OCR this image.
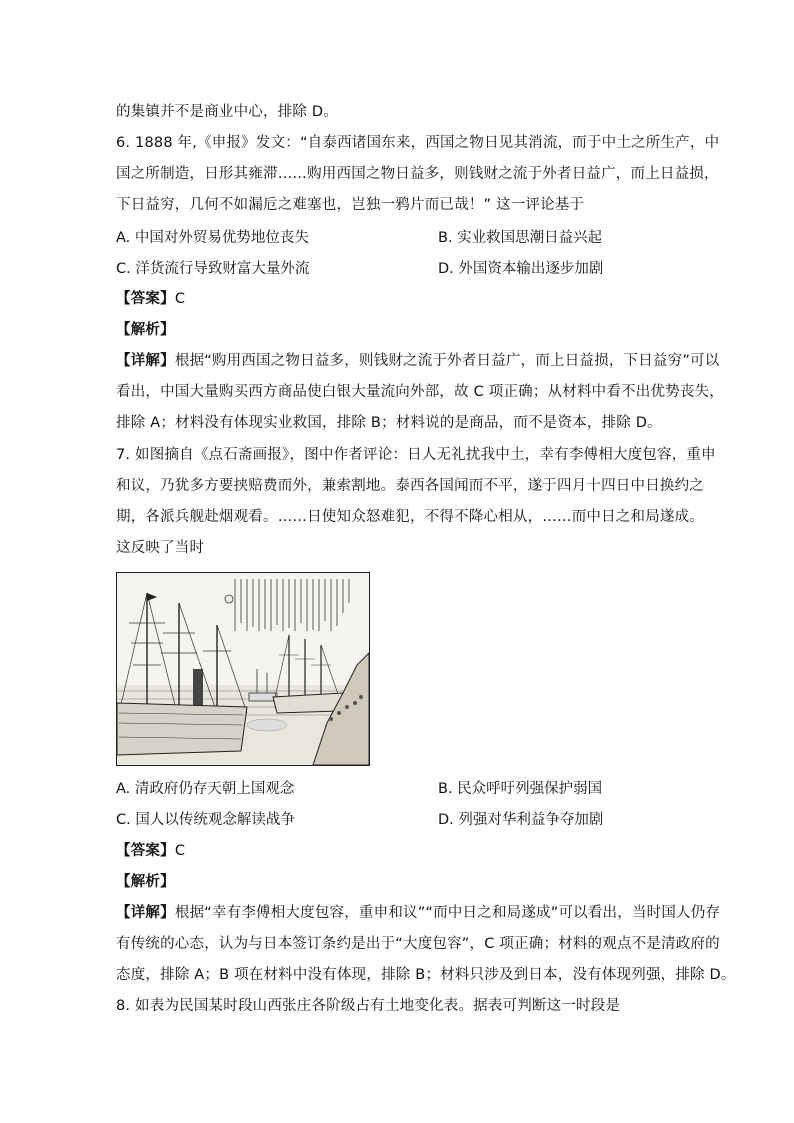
的集镇并不是商业中心，排除 D。
6. 1888 年,《申报》发文：“自泰西诸国东来，西国之物日见其消流，而于中土之所生产，中
国之所制造，日形其雍滞……购用西国之物日益多，则钱财之流于外者日益广，而上日益损，
下日益穷，几何不如漏卮之难塞也，岂独一鸦片而已哉！” 这一评论基于
A. 中国对外贸易优势地位丧失	B. 实业救国思潮日益兴起
C. 洋货流行导致财富大量外流	D. 外国资本输出逐步加剧
【答案】C
【解析】
【详解】根据“购用西国之物日益多，则钱财之流于外者日益广，而上日益损，下日益穷”可以
看出，中国大量购买西方商品使白银大量流向外部，故 C 项正确；从材料中看不出优势丧失，
排除 A；材料没有体现实业救国，排除 B；材料说的是商品，而不是资本，排除 D。
7. 如图摘自《点石斋画报》，图中作者评论：日人无礼扰我中土，幸有李傅相大度包容，重申
和议，乃犹多方要挟赔费而外，兼索割地。泰西各国闻而不平，遂于四月十四日中日换约之
期，各派兵舰赴烟观看。……日使知众怒难犯，不得不降心相从，……而中日之和局遂成。
这反映了当时
A. 清政府仍存天朝上国观念	B. 民众呼吁列强保护弱国
C. 国人以传统观念解读战争	D. 列强对华利益争夺加剧
【答案】C
【解析】
【详解】根据“幸有李傅相大度包容，重申和议”“而中日之和局遂成”可以看出，当时国人仍存
有传统的心态，认为与日本签订条约是出于“大度包容”，C 项正确；材料的观点不是清政府的
态度，排除 A；B 项在材料中没有体现，排除 B；材料只涉及到日本，没有体现列强，排除 D。
8. 如表为民国某时段山西张庄各阶级占有土地变化表。据表可判断这一时段是
